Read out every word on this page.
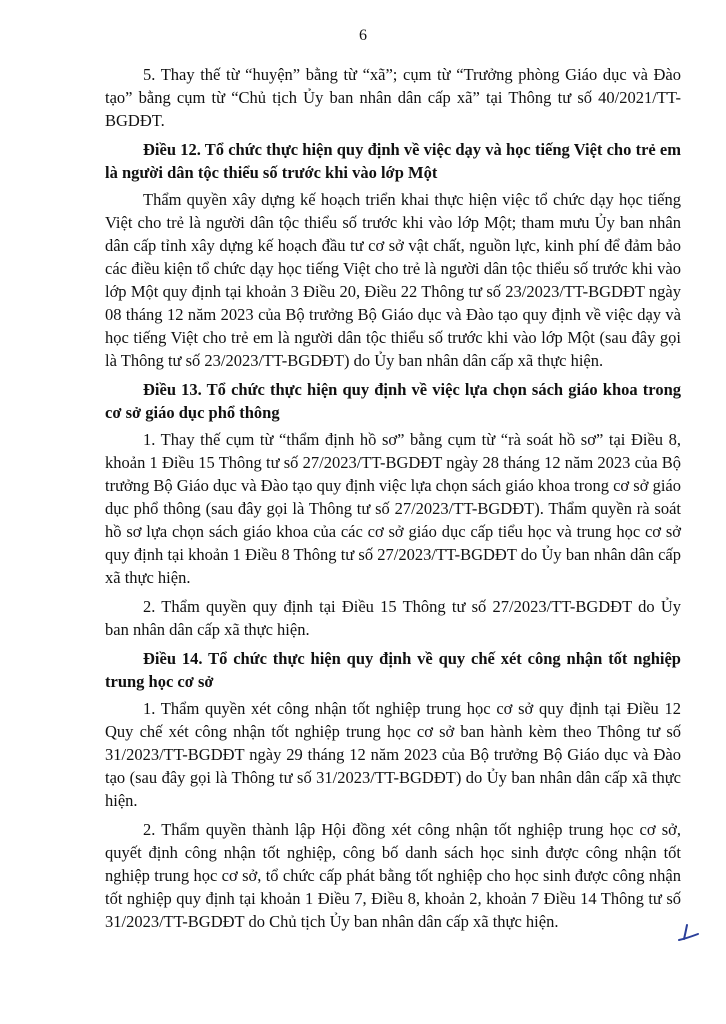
6

5. Thay thế từ “huyện” bằng từ “xã”; cụm từ “Trưởng phòng Giáo dục và Đào tạo” bằng cụm từ “Chủ tịch Ủy ban nhân dân cấp xã” tại Thông tư số 40/2021/TT-BGDĐT.

Điều 12. Tổ chức thực hiện quy định về việc dạy và học tiếng Việt cho trẻ em là người dân tộc thiểu số trước khi vào lớp Một

Thẩm quyền xây dựng kế hoạch triển khai thực hiện việc tổ chức dạy học tiếng Việt cho trẻ là người dân tộc thiểu số trước khi vào lớp Một; tham mưu Ủy ban nhân dân cấp tỉnh xây dựng kế hoạch đầu tư cơ sở vật chất, nguồn lực, kinh phí để đảm bảo các điều kiện tổ chức dạy học tiếng Việt cho trẻ là người dân tộc thiểu số trước khi vào lớp Một quy định tại khoản 3 Điều 20, Điều 22 Thông tư số 23/2023/TT-BGDĐT ngày 08 tháng 12 năm 2023 của Bộ trưởng Bộ Giáo dục và Đào tạo quy định về việc dạy và học tiếng Việt cho trẻ em là người dân tộc thiểu số trước khi vào lớp Một (sau đây gọi là Thông tư số 23/2023/TT-BGDĐT) do Ủy ban nhân dân cấp xã thực hiện.

Điều 13. Tổ chức thực hiện quy định về việc lựa chọn sách giáo khoa trong cơ sở giáo dục phổ thông

1. Thay thế cụm từ “thẩm định hồ sơ” bằng cụm từ “rà soát hồ sơ” tại Điều 8, khoản 1 Điều 15 Thông tư số 27/2023/TT-BGDĐT ngày 28 tháng 12 năm 2023 của Bộ trưởng Bộ Giáo dục và Đào tạo quy định việc lựa chọn sách giáo khoa trong cơ sở giáo dục phổ thông (sau đây gọi là Thông tư số 27/2023/TT-BGDĐT). Thẩm quyền rà soát hồ sơ lựa chọn sách giáo khoa của các cơ sở giáo dục cấp tiểu học và trung học cơ sở quy định tại khoản 1 Điều 8 Thông tư số 27/2023/TT-BGDĐT do Ủy ban nhân dân cấp xã thực hiện.

2. Thẩm quyền quy định tại Điều 15 Thông tư số 27/2023/TT-BGDĐT do Ủy ban nhân dân cấp xã thực hiện.

Điều 14. Tổ chức thực hiện quy định về quy chế xét công nhận tốt nghiệp trung học cơ sở

1. Thẩm quyền xét công nhận tốt nghiệp trung học cơ sở quy định tại Điều 12 Quy chế xét công nhận tốt nghiệp trung học cơ sở ban hành kèm theo Thông tư số 31/2023/TT-BGDĐT ngày 29 tháng 12 năm 2023 của Bộ trưởng Bộ Giáo dục và Đào tạo (sau đây gọi là Thông tư số 31/2023/TT-BGDĐT) do Ủy ban nhân dân cấp xã thực hiện.

2. Thẩm quyền thành lập Hội đồng xét công nhận tốt nghiệp trung học cơ sở, quyết định công nhận tốt nghiệp, công bố danh sách học sinh được công nhận tốt nghiệp trung học cơ sở, tổ chức cấp phát bằng tốt nghiệp cho học sinh được công nhận tốt nghiệp quy định tại khoản 1 Điều 7, Điều 8, khoản 2, khoản 7 Điều 14 Thông tư số 31/2023/TT-BGDĐT do Chủ tịch Ủy ban nhân dân cấp xã thực hiện.
